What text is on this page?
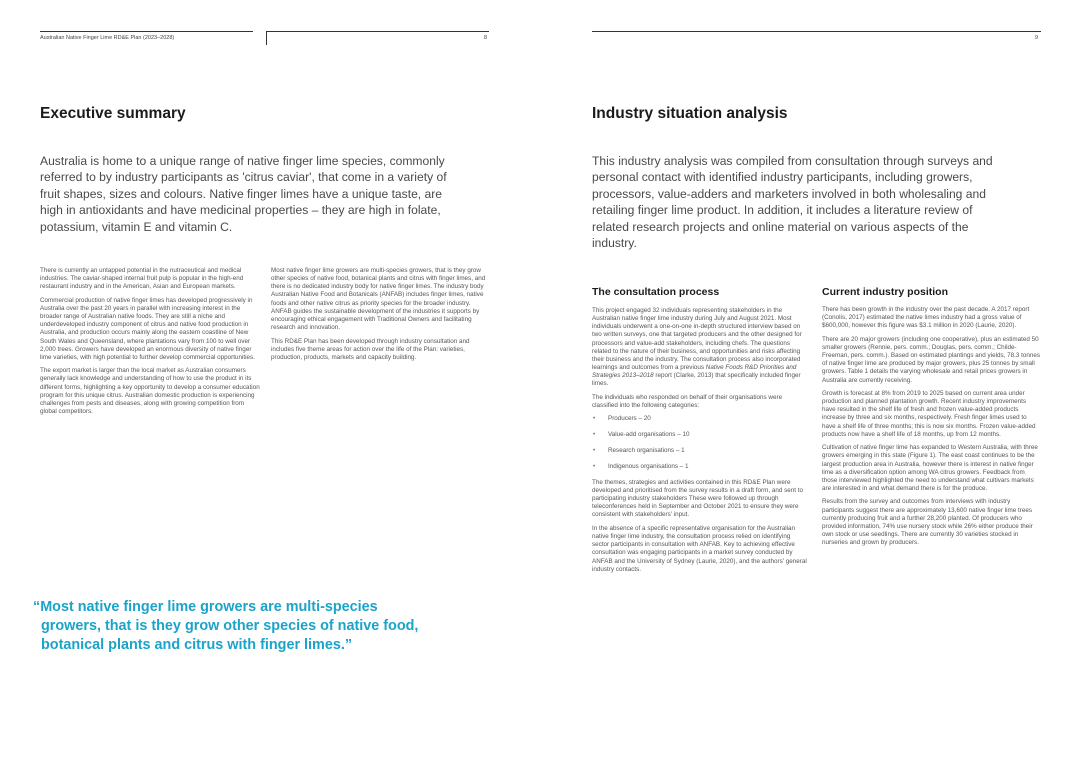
Australian Native Finger Lime RD&E Plan (2023–2028)	8
Executive summary

Australia is home to a unique range of native finger lime species, commonly referred to by industry participants as 'citrus caviar', that come in a variety of fruit shapes, sizes and colours. Native finger limes have a unique taste, are high in antioxidants and have medicinal properties – they are high in folate, potassium, vitamin E and vitamin C.

There is currently an untapped potential in the nutraceutical and medical industries. The caviar-shaped internal fruit pulp is popular in the high-end restaurant industry and in the American, Asian and European markets.

Commercial production of native finger limes has developed progressively in Australia over the past 20 years in parallel with increasing interest in the broader range of Australian native foods. They are still a niche and underdeveloped industry component of citrus and native food production in Australia, and production occurs mainly along the eastern coastline of New South Wales and Queensland, where plantations vary from 100 to well over 2,000 trees. Growers have developed an enormous diversity of native finger lime varieties, with high potential to further develop commercial opportunities.

The export market is larger than the local market as Australian consumers generally lack knowledge and understanding of how to use the product in its different forms, highlighting a key opportunity to develop a consumer education program for this unique citrus. Australian domestic production is experiencing challenges from pests and diseases, along with growing competition from global competitors.

Most native finger lime growers are multi-species growers, that is they grow other species of native food, botanical plants and citrus with finger limes, and there is no dedicated industry body for native finger limes. The industry body Australian Native Food and Botanicals (ANFAB) includes finger limes, native foods and other native citrus as priority species for the broader industry. ANFAB guides the sustainable development of the industries it supports by encouraging ethical engagement with Traditional Owners and facilitating research and innovation.

This RD&E Plan has been developed through industry consultation and includes five theme areas for action over the life of the Plan: varieties, production, products, markets and capacity building.

“Most native finger lime growers are multi-species
growers, that is they grow other species of native food,
botanical plants and citrus with finger limes.”

9
Industry situation analysis

This industry analysis was compiled from consultation through surveys and personal contact with identified industry participants, including growers, processors, value-adders and marketers involved in both wholesaling and retailing finger lime product. In addition, it includes a literature review of related research projects and online material on various aspects of the industry.

The consultation process

This project engaged 32 individuals representing stakeholders in the Australian native finger lime industry during July and August 2021. Most individuals underwent a one-on-one in-depth structured interview based on two written surveys, one that targeted producers and the other designed for processors and value-add stakeholders, including chefs. The questions related to the nature of their business, and opportunities and risks affecting their business and the industry. The consultation process also incorporated learnings and outcomes from a previous Native Foods R&D Priorities and Strategies 2013–2018 report (Clarke, 2013) that specifically included finger limes.

The individuals who responded on behalf of their organisations were classified into the following categories:

• Producers – 20
• Value-add organisations – 10
• Research organisations – 1
• Indigenous organisations – 1

The themes, strategies and activities contained in this RD&E Plan were developed and prioritised from the survey results in a draft form, and sent to participating industry stakeholders These were followed up through teleconferences held in September and October 2021 to ensure they were consistent with stakeholders' input.

In the absence of a specific representative organisation for the Australian native finger lime industry, the consultation process relied on identifying sector participants in consultation with ANFAB. Key to achieving effective consultation was engaging participants in a market survey conducted by ANFAB and the University of Sydney (Laurie, 2020), and the authors' general industry contacts.

Current industry position

There has been growth in the industry over the past decade. A 2017 report (Conolis, 2017) estimated the native limes industry had a gross value of $600,000, however this figure was $3.1 million in 2020 (Laurie, 2020).

There are 20 major growers (including one cooperative), plus an estimated 50 smaller growers (Rennie, pers. comm.; Douglas, pers. comm.; Childe-Freeman, pers. comm.). Based on estimated plantings and yields, 78.3 tonnes of native finger lime are produced by major growers, plus 25 tonnes by small growers. Table 1 details the varying wholesale and retail prices growers in Australia are currently receiving.

Growth is forecast at 8% from 2019 to 2025 based on current area under production and planned plantation growth. Recent industry improvements have resulted in the shelf life of fresh and frozen value-added products increase by three and six months, respectively. Fresh finger limes used to have a shelf life of three months; this is now six months. Frozen value-added products now have a shelf life of 18 months, up from 12 months.

Cultivation of native finger lime has expanded to Western Australia, with three growers emerging in this state (Figure 1). The east coast continues to be the largest production area in Australia, however there is interest in native finger lime as a diversification option among WA citrus growers. Feedback from those interviewed highlighted the need to understand what cultivars markets are interested in and what demand there is for the produce.

Results from the survey and outcomes from interviews with industry participants suggest there are approximately 13,600 native finger lime trees currently producing fruit and a further 28,200 planted. Of producers who provided information, 74% use nursery stock while 26% either produce their own stock or use seedlings. There are currently 30 varieties stocked in nurseries and grown by producers.
